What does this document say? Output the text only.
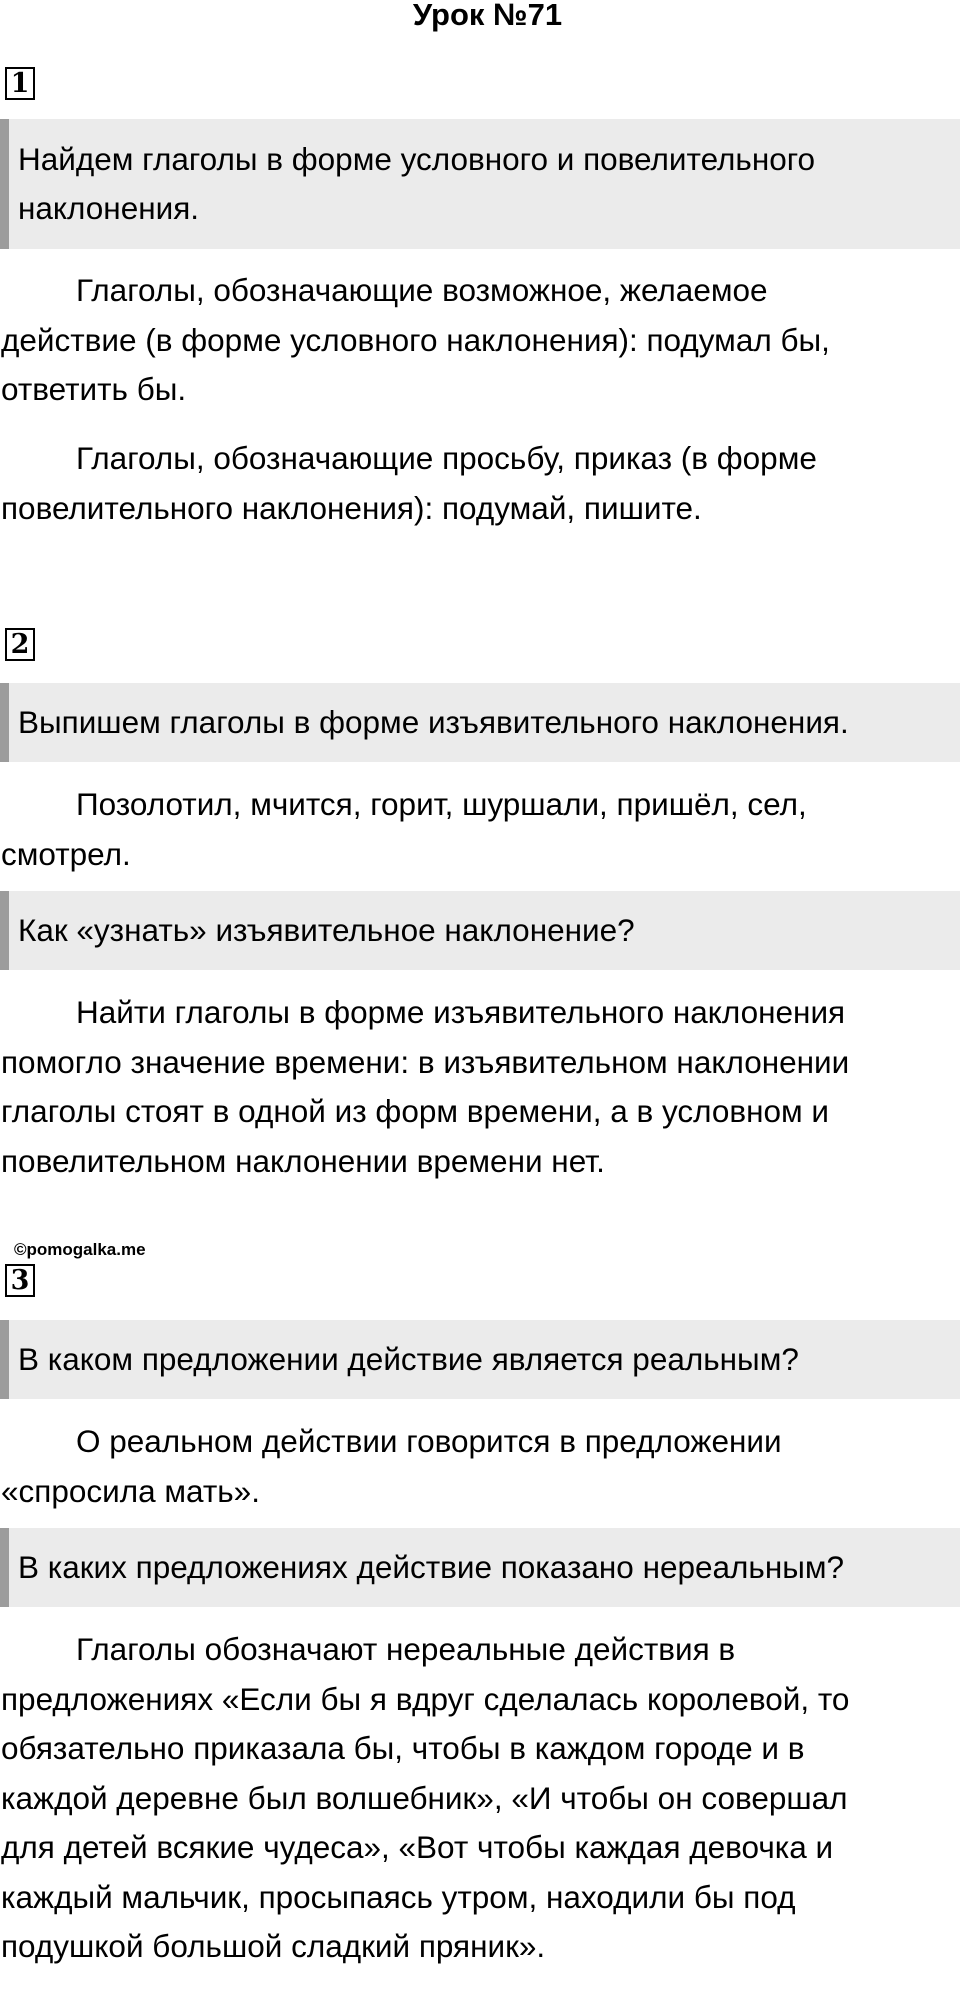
Урок №71
1
Найдем глаголы в форме условного и повелительного
наклонения.
Глаголы, обозначающие возможное, желаемое
действие (в форме условного наклонения): подумал бы,
ответить бы.
Глаголы, обозначающие просьбу, приказ (в форме
повелительного наклонения): подумай, пишите.
2
Выпишем глаголы в форме изъявительного наклонения.
Позолотил, мчится, горит, шуршали, пришёл, сел,
смотрел.
Как «узнать» изъявительное наклонение?
Найти глаголы в форме изъявительного наклонения
помогло значение времени: в изъявительном наклонении
глаголы стоят в одной из форм времени, а в условном и
повелительном наклонении времени нет.
©pomogalka.me
3
В каком предложении действие является реальным?
О реальном действии говорится в предложении
«спросила мать».
В каких предложениях действие показано нереальным?
Глаголы обозначают нереальные действия в
предложениях «Если бы я вдруг сделалась королевой, то
обязательно приказала бы, чтобы в каждом городе и в
каждой деревне был волшебник», «И чтобы он совершал
для детей всякие чудеса», «Вот чтобы каждая девочка и
каждый мальчик, просыпаясь утром, находили бы под
подушкой большой сладкий пряник».
